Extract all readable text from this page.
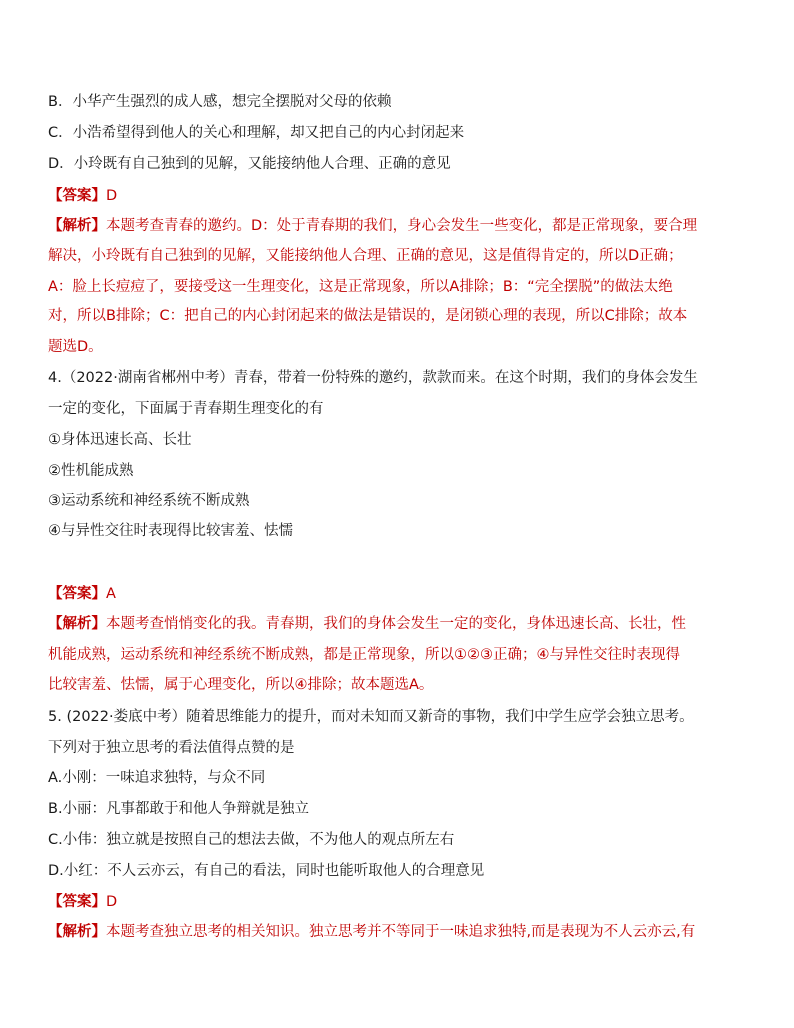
B．小华产生强烈的成人感，想完全摆脱对父母的依赖
C．小浩希望得到他人的关心和理解，却又把自己的内心封闭起来
D．小玲既有自己独到的见解，又能接纳他人合理、正确的意见
【答案】D
【解析】本题考查青春的邀约。D：处于青春期的我们，身心会发生一些变化，都是正常现象，要合理
解决，小玲既有自己独到的见解，又能接纳他人合理、正确的意见，这是值得肯定的，所以D正确；
A：脸上长痘痘了，要接受这一生理变化，这是正常现象，所以A排除；B：“完全摆脱”的做法太绝
对，所以B排除；C：把自己的内心封闭起来的做法是错误的，是闭锁心理的表现，所以C排除；故本
题选D。
4.（2022·湖南省郴州中考）青春，带着一份特殊的邀约，款款而来。在这个时期，我们的身体会发生
一定的变化，下面属于青春期生理变化的有
①身体迅速长高、长壮
②性机能成熟
③运动系统和神经系统不断成熟
④与异性交往时表现得比较害羞、怯懦
【答案】A
【解析】本题考查悄悄变化的我。青春期，我们的身体会发生一定的变化，身体迅速长高、长壮，性
机能成熟，运动系统和神经系统不断成熟，都是正常现象，所以①②③正确；④与异性交往时表现得
比较害羞、怯懦，属于心理变化，所以④排除；故本题选A。
5. (2022·娄底中考）随着思维能力的提升，而对未知而又新奇的事物，我们中学生应学会独立思考。
下列对于独立思考的看法值得点赞的是
A.小刚：一味追求独特，与众不同
B.小丽：凡事都敢于和他人争辩就是独立
C.小伟：独立就是按照自己的想法去做，不为他人的观点所左右
D.小红：不人云亦云，有自己的看法，同时也能听取他人的合理意见
【答案】D
【解析】本题考查独立思考的相关知识。独立思考并不等同于一味追求独特,而是表现为不人云亦云,有
